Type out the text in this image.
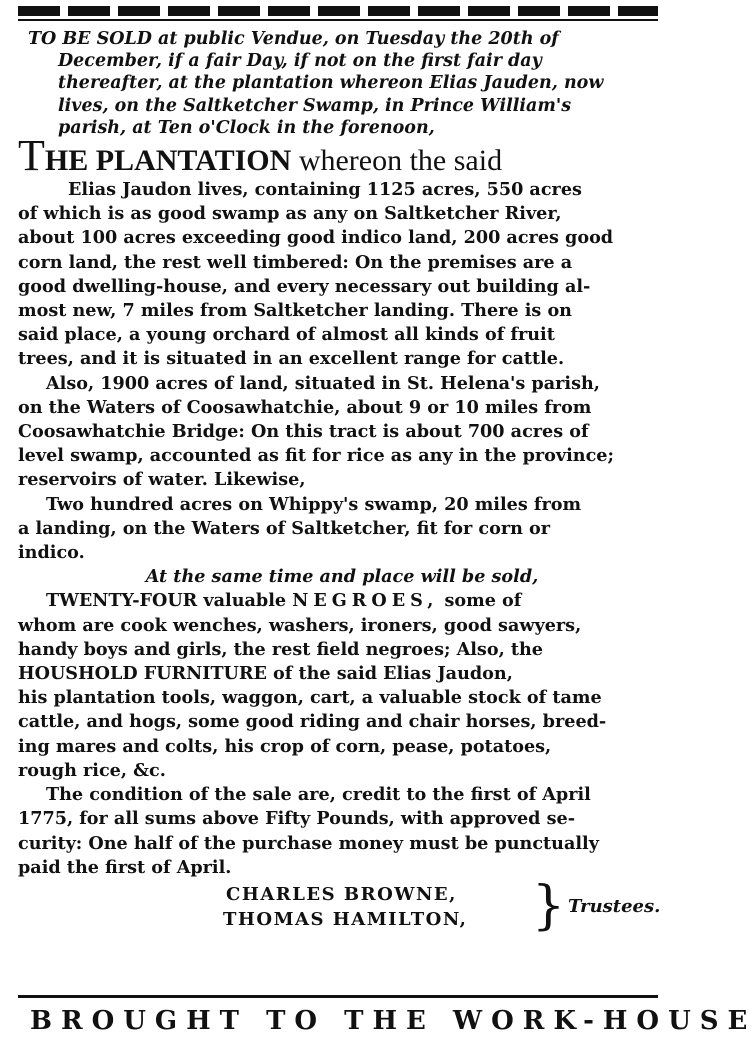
TO BE SOLD at public Vendue, on Tuesday the 20th of
December, if a fair Day, if not on the first fair day
thereafter, at the plantation whereon Elias Jauden, now
lives, on the Saltketcher Swamp, in Prince William's
parish, at Ten o'Clock in the forenoon,
THE PLANTATION whereon the said

Elias Jaudon lives, containing 1125 acres, 550 acres

of which is as good swamp as any on Saltketcher River,

about 100 acres exceeding good indico land, 200 acres good

corn land, the rest well timbered: On the premises are a

good dwelling-house, and every necessary out building al-

most new, 7 miles from Saltketcher landing. There is on

said place, a young orchard of almost all kinds of fruit

trees, and it is situated in an excellent range for cattle.

Also, 1900 acres of land, situated in St. Helena's parish,

on the Waters of Coosawhatchie, about 9 or 10 miles from

Coosawhatchie Bridge: On this tract is about 700 acres of

level swamp, accounted as fit for rice as any in the province;

reservoirs of water. Likewise,

Two hundred acres on Whippy's swamp, 20 miles from

a landing, on the Waters of Saltketcher, fit for corn or

indico.

At the same time and place will be sold,

TWENTY-FOUR valuable NEGROES, some of

whom are cook wenches, washers, ironers, good sawyers,

handy boys and girls, the rest field negroes; Also, the

HOUSHOLD FURNITURE of the said Elias Jaudon,

his plantation tools, waggon, cart, a valuable stock of tame

cattle, and hogs, some good riding and chair horses, breed-

ing mares and colts, his crop of corn, pease, potatoes,

rough rice, &c.

The condition of the sale are, credit to the first of April

1775, for all sums above Fifty Pounds, with approved se-

curity: One half of the purchase money must be punctually

paid the first of April.

CHARLES BROWNE,
THOMAS HAMILTON, } Trustees.
BROUGHT TO THE WORK-HOUSE
